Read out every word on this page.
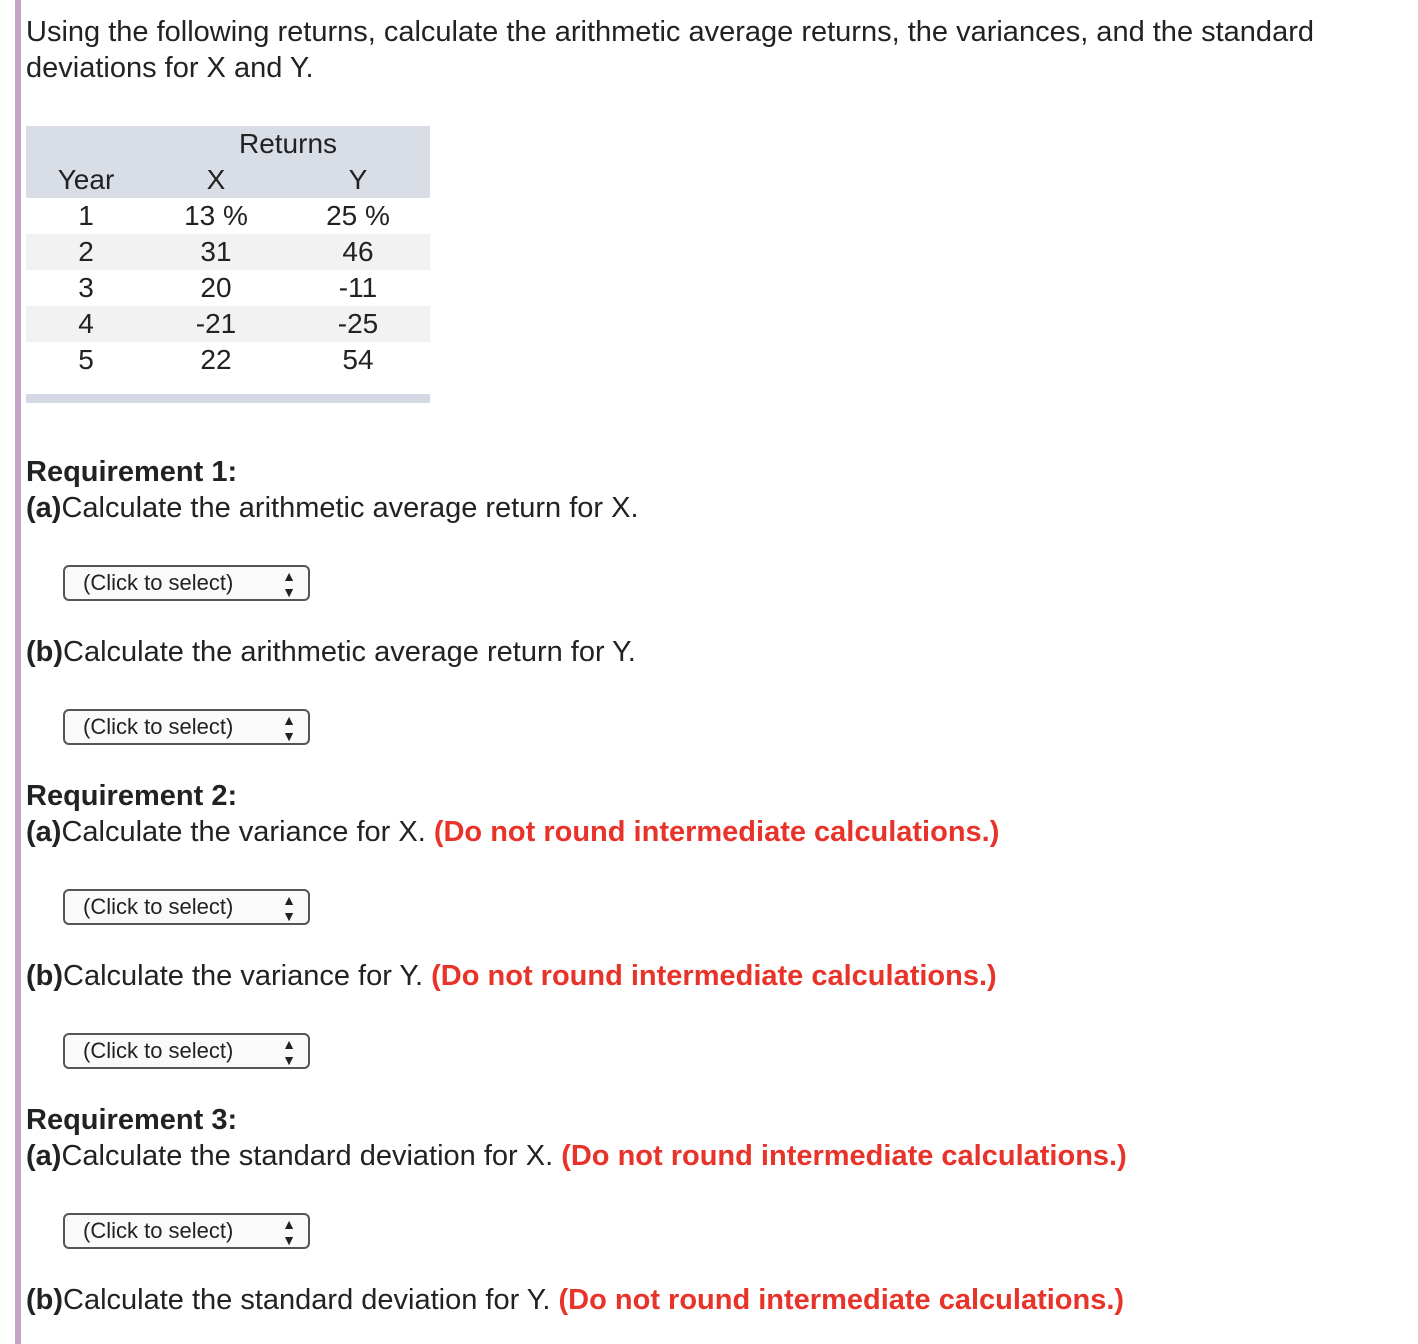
Using the following returns, calculate the arithmetic average returns, the variances, and the standard deviations for X and Y.

	Returns	
Year	X	Y
1	13 %	25 %
2	31	46
3	20	-11
4	-21	-25
5	22	54
Requirement 1:
(a)Calculate the arithmetic average return for X.
(Click to select)	▲
▼
(b)Calculate the arithmetic average return for Y.
(Click to select)	▲
▼
Requirement 2:
(a)Calculate the variance for X. (Do not round intermediate calculations.)
(Click to select)	▲
▼
(b)Calculate the variance for Y. (Do not round intermediate calculations.)
(Click to select)	▲
▼
Requirement 3:
(a)Calculate the standard deviation for X. (Do not round intermediate calculations.)
(Click to select)	▲
▼
(b)Calculate the standard deviation for Y. (Do not round intermediate calculations.)
